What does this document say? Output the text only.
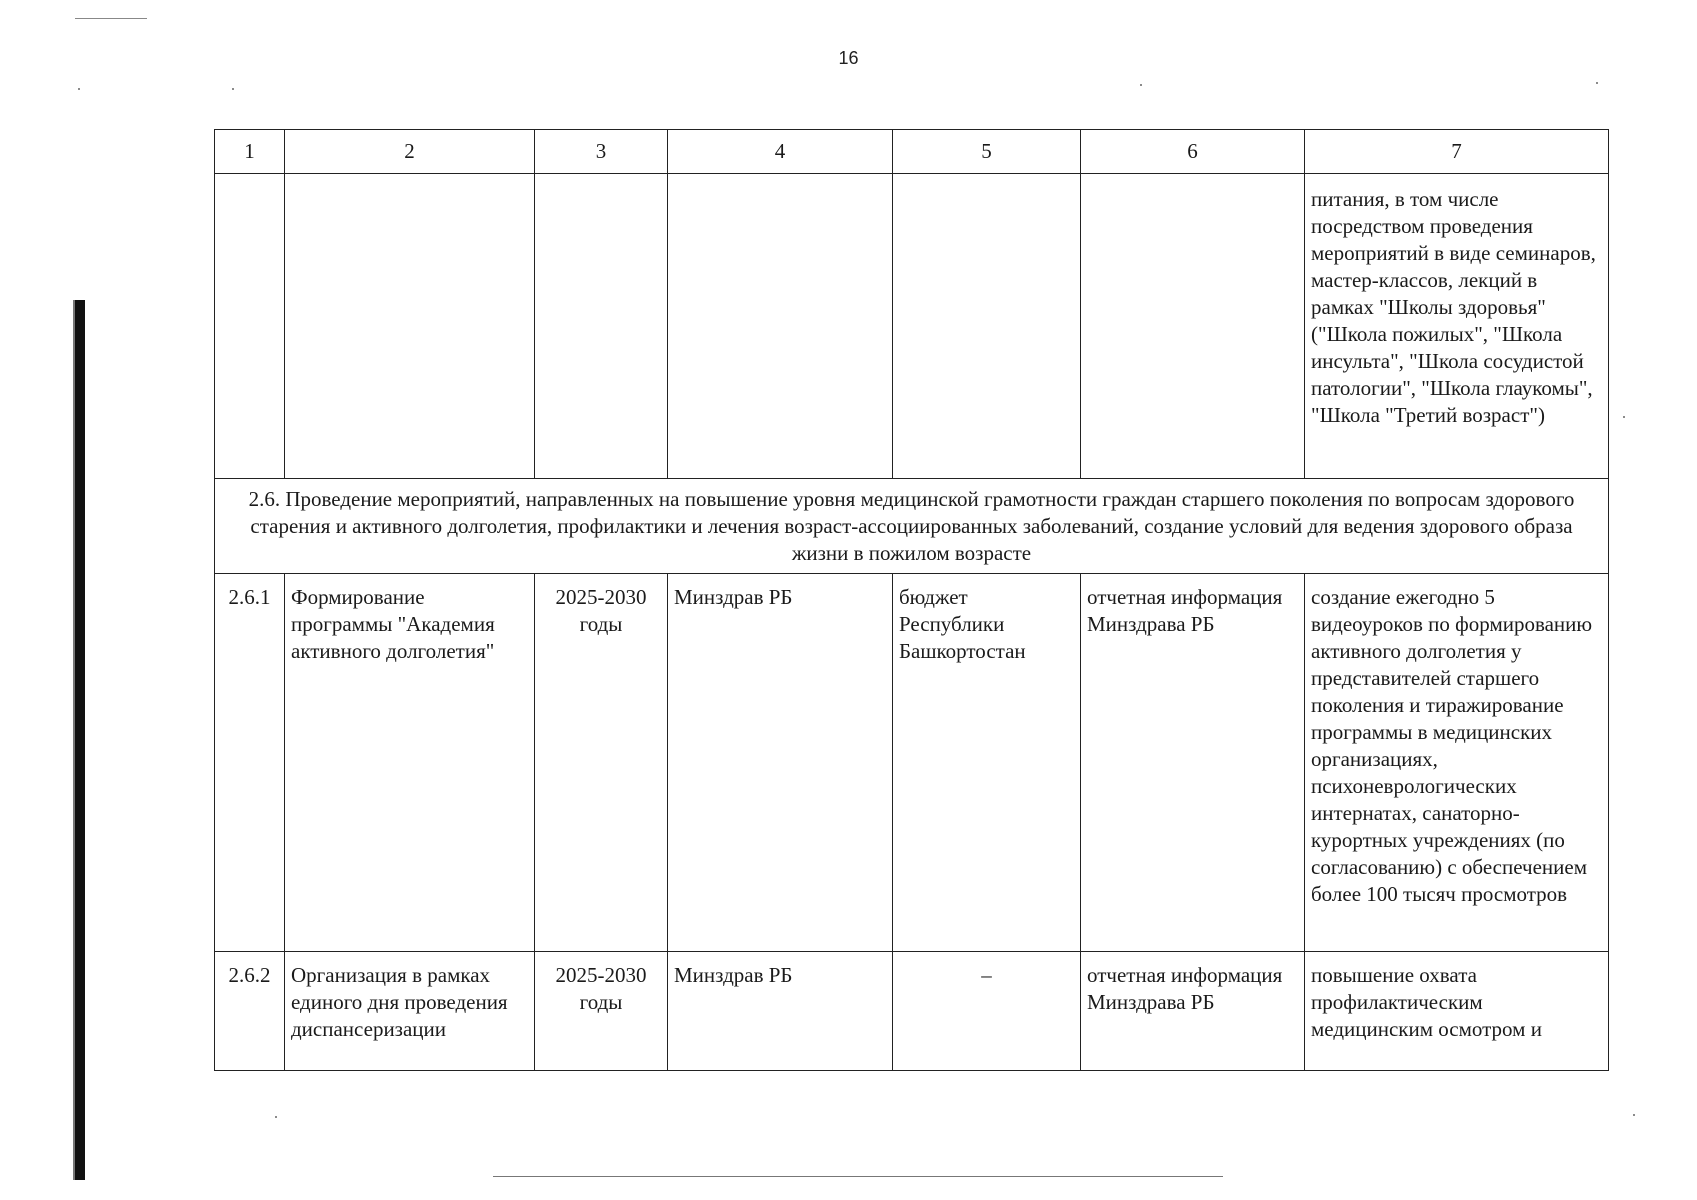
16
1	2	3	4	5	6	7
						питания, в том числе посредством проведения мероприятий в виде семинаров, мастер-классов, лекций в рамках "Школы здоровья" ("Школа пожилых", "Школа инсульта", "Школа сосудистой патологии", "Школа глаукомы", "Школа "Третий возраст")
2.6. Проведение мероприятий, направленных на повышение уровня медицинской грамотности граждан старшего поколения по вопросам здорового старения и активного долголетия, профилактики и лечения возраст-ассоциированных заболеваний, создание условий для ведения здорового образа жизни в пожилом возрасте						
2.6.1	Формирование программы "Академия активного долголетия"	2025-2030 годы	Минздрав РБ	бюджет Республики Башкортостан	отчетная информация Минздрава РБ	создание ежегодно 5 видеоуроков по формированию активного долголетия у представителей старшего поколения и тиражирование программы в медицинских организациях, психоневрологических интернатах, санаторно-курортных учреждениях (по согласованию) с обеспечением более 100 тысяч просмотров
2.6.2	Организация в рамках единого дня проведения диспансеризации	2025-2030 годы	Минздрав РБ	–	отчетная информация Минздрава РБ	повышение охвата профилактическим медицинским осмотром и
